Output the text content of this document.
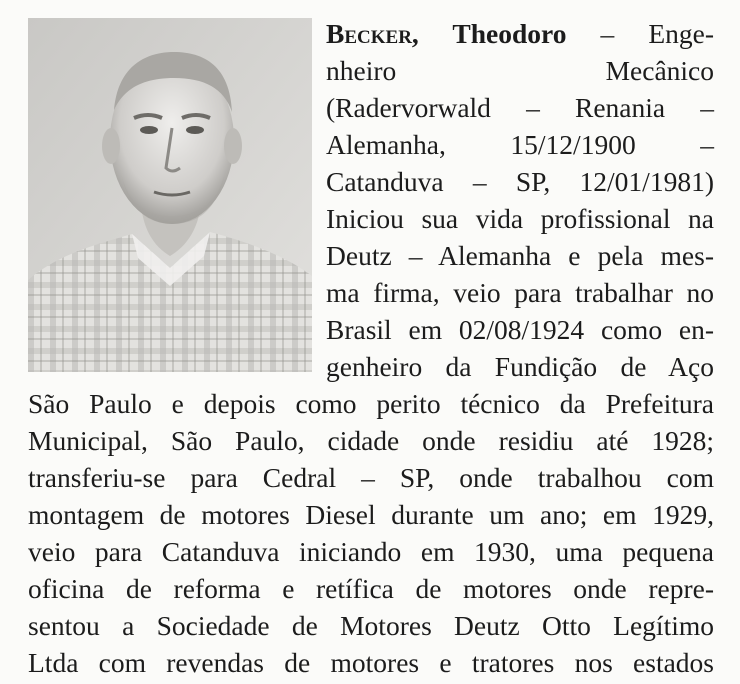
Becker, Theodoro – Enge-
nheiro Mecânico
(Radervorwald – Renania –
Alemanha, 15/12/1900 –
Catanduva – SP, 12/01/1981)
Iniciou sua vida profissional na
Deutz – Alemanha e pela mes-
ma firma, veio para trabalhar no
Brasil em 02/08/1924 como en-
genheiro da Fundição de Aço
São Paulo e depois como perito técnico da Prefeitura
Municipal, São Paulo, cidade onde residiu até 1928;
transferiu-se para Cedral – SP, onde trabalhou com
montagem de motores Diesel durante um ano; em 1929,
veio para Catanduva iniciando em 1930, uma pequena
oficina de reforma e retífica de motores onde repre-
sentou a Sociedade de Motores Deutz Otto Legítimo
Ltda com revendas de motores e tratores nos estados
